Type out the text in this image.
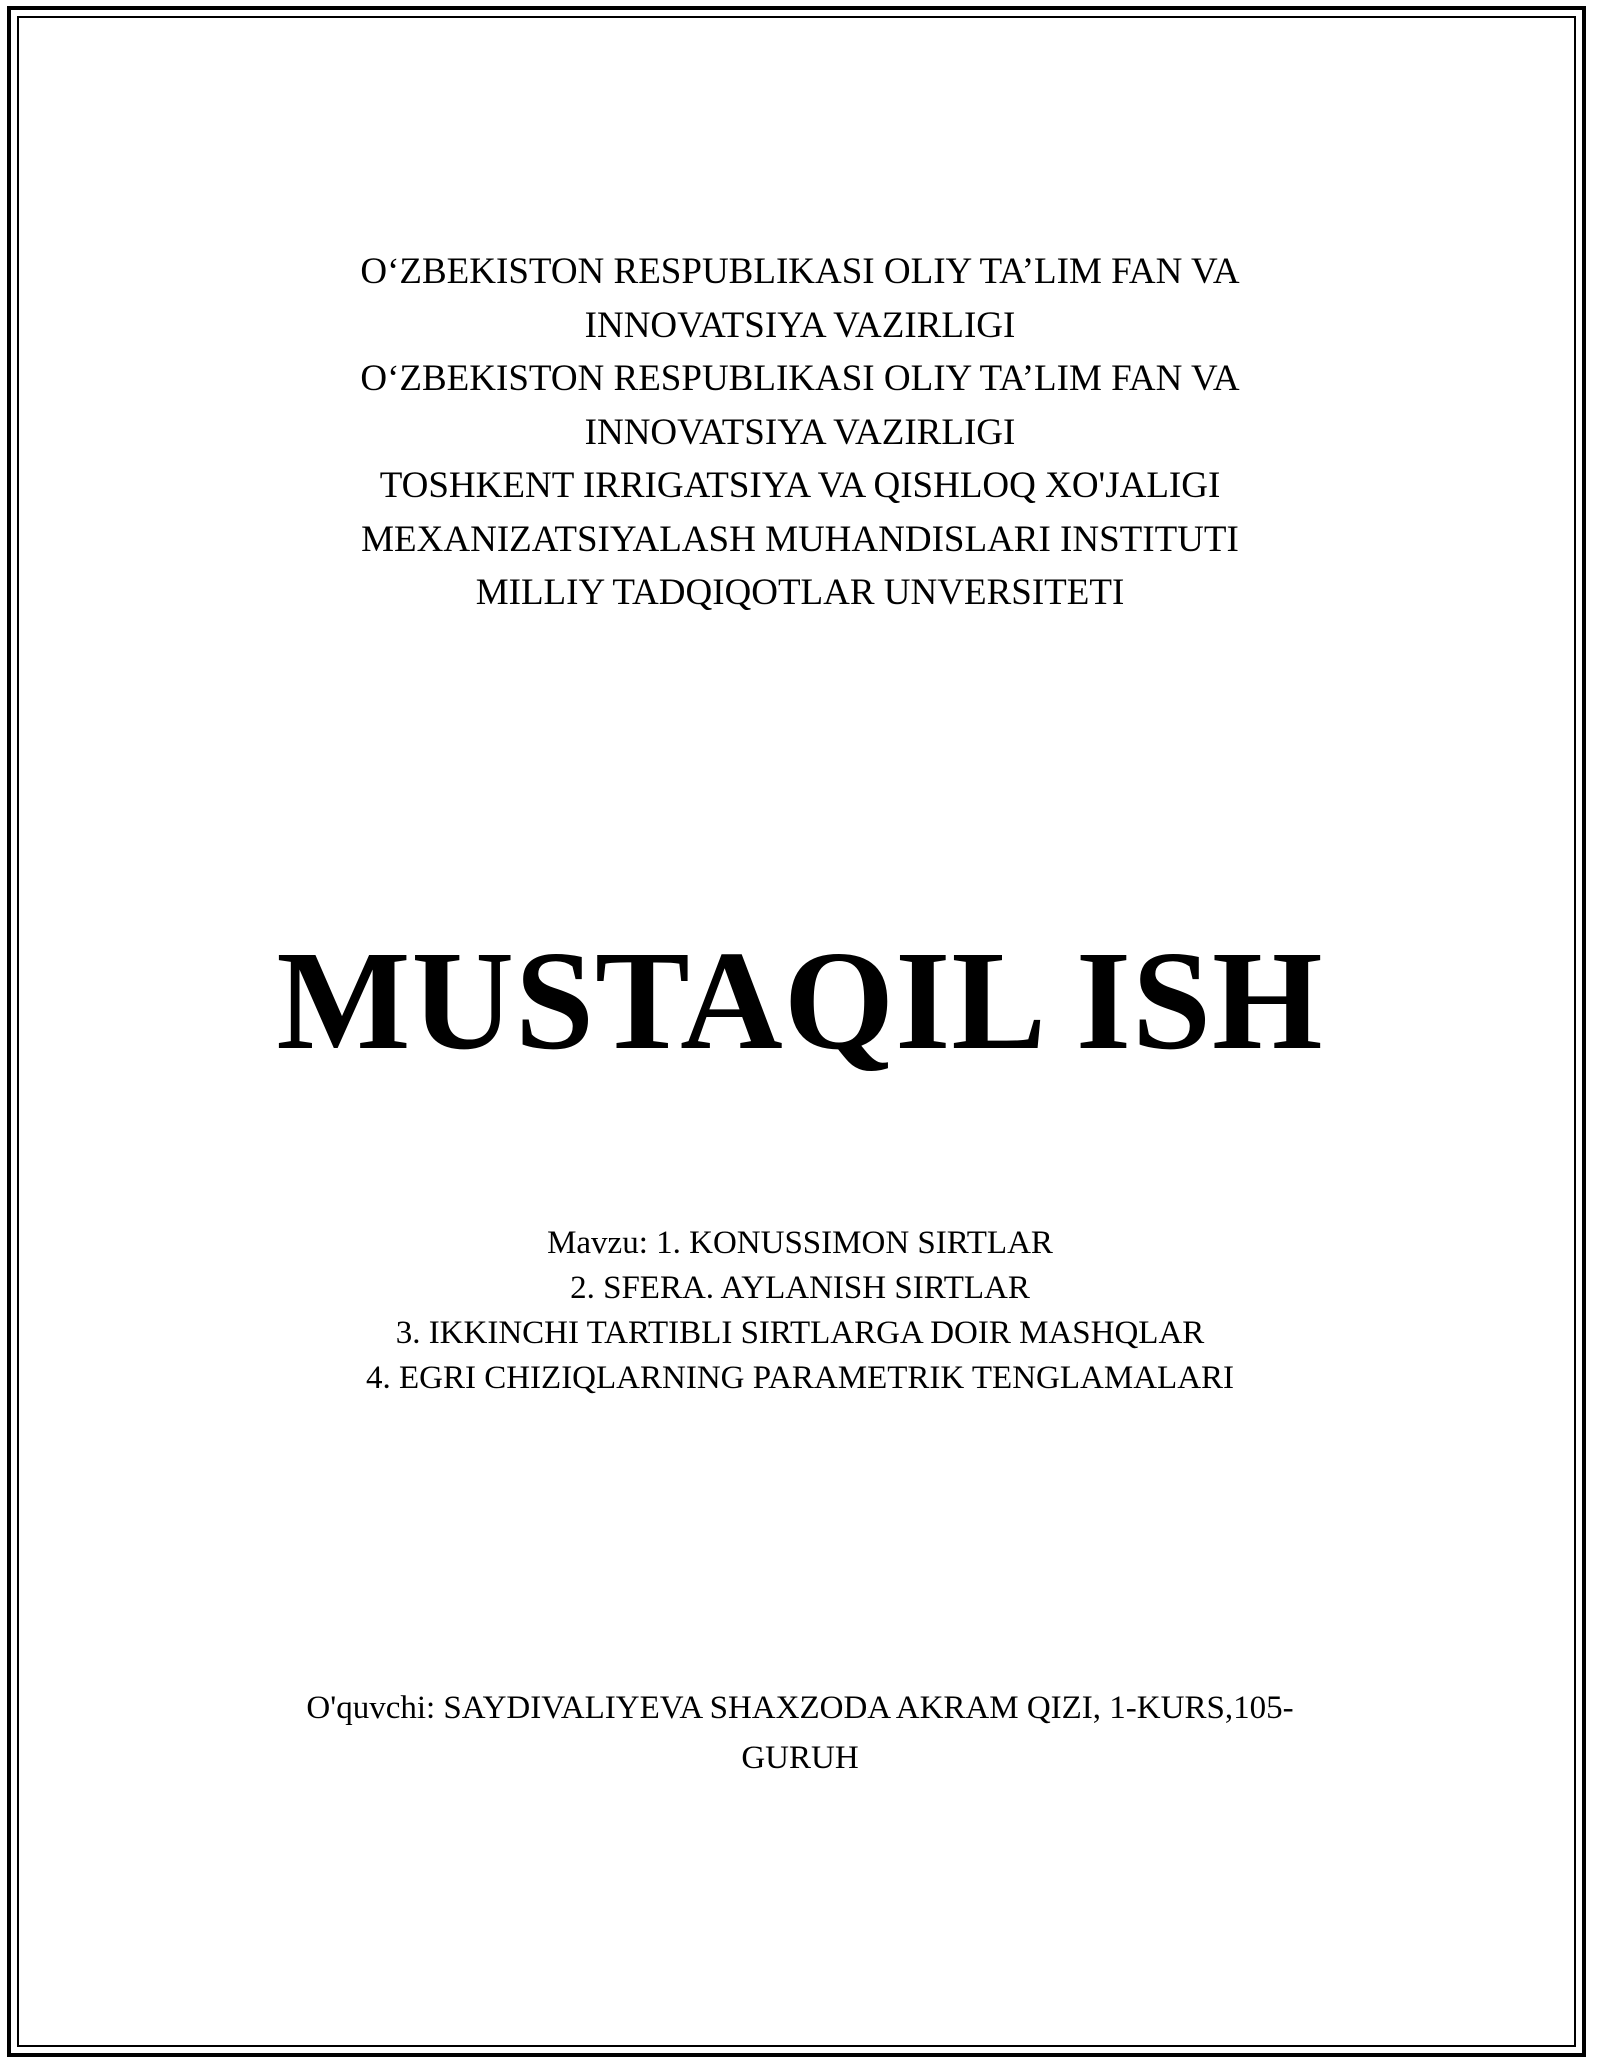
O‘ZBEKISTON RESPUBLIKASI OLIY TA’LIM FAN VA
INNOVATSIYA VAZIRLIGI
O‘ZBEKISTON RESPUBLIKASI OLIY TA’LIM FAN VA
INNOVATSIYA VAZIRLIGI
TOSHKENT IRRIGATSIYA VA QISHLOQ XO'JALIGI
MEXANIZATSIYALASH MUHANDISLARI INSTITUTI
MILLIY TADQIQOTLAR UNVERSITETI
MUSTAQIL ISH
Mavzu: 1. KONUSSIMON SIRTLAR
2. SFERA. AYLANISH SIRTLAR
3. IKKINCHI TARTIBLI SIRTLARGA DOIR MASHQLAR
4. EGRI CHIZIQLARNING PARAMETRIK TENGLAMALARI
O'quvchi: SAYDIVALIYEVA SHAXZODA AKRAM QIZI, 1-KURS,105-
GURUH
